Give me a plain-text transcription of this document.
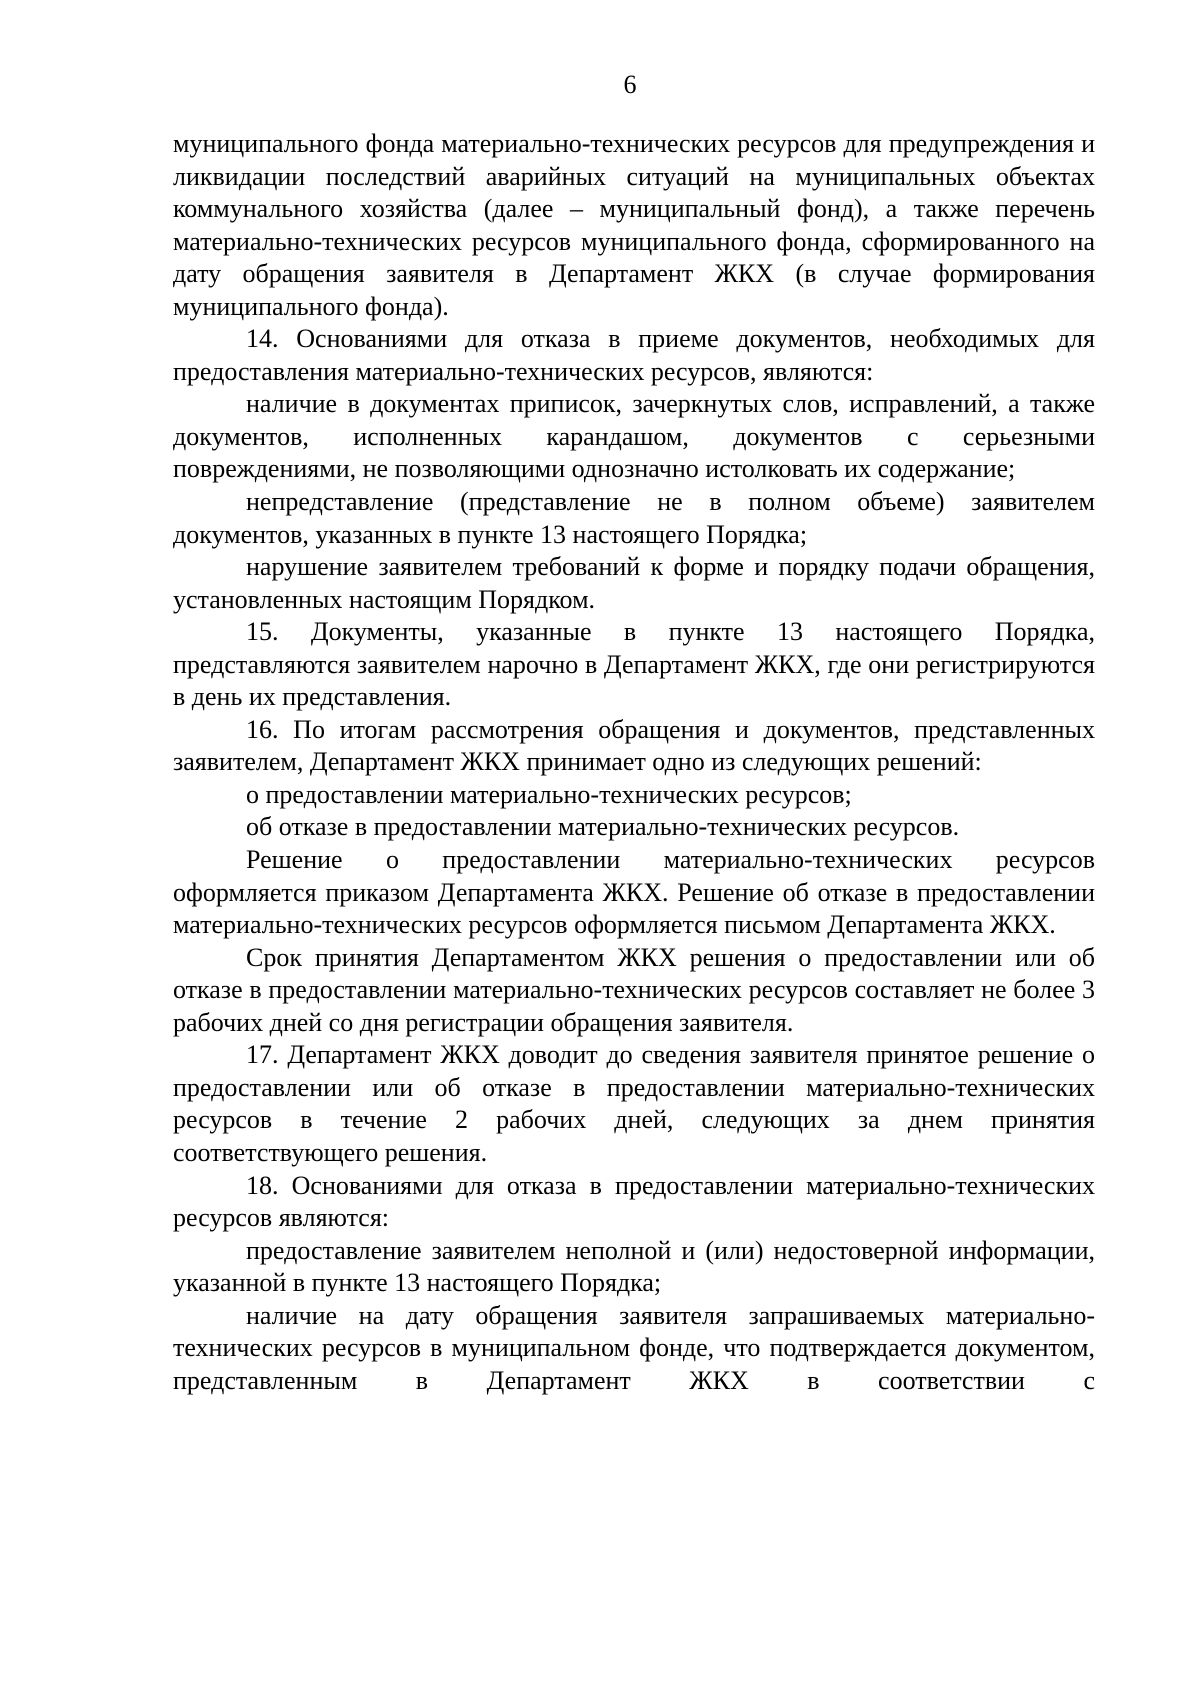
6

муниципального фонда материально-технических ресурсов для предупреждения и ликвидации последствий аварийных ситуаций на муниципальных объектах коммунального хозяйства (далее – муниципальный фонд), а также перечень материально-технических ресурсов муниципального фонда, сформированного на дату обращения заявителя в Департамент ЖКХ (в случае формирования муниципального фонда).

14. Основаниями для отказа в приеме документов, необходимых для предоставления материально-технических ресурсов, являются:

наличие в документах приписок, зачеркнутых слов, исправлений, а также документов, исполненных карандашом, документов с серьезными повреждениями, не позволяющими однозначно истолковать их содержание;

непредставление (представление не в полном объеме) заявителем документов, указанных в пункте 13 настоящего Порядка;

нарушение заявителем требований к форме и порядку подачи обращения, установленных настоящим Порядком.

15. Документы, указанные в пункте 13 настоящего Порядка, представляются заявителем нарочно в Департамент ЖКХ, где они регистрируются в день их представления.

16. По итогам рассмотрения обращения и документов, представленных заявителем, Департамент ЖКХ принимает одно из следующих решений:

о предоставлении материально-технических ресурсов;

об отказе в предоставлении материально-технических ресурсов.

Решение о предоставлении материально-технических ресурсов оформляется приказом Департамента ЖКХ. Решение об отказе в предоставлении материально-технических ресурсов оформляется письмом Департамента ЖКХ.

Срок принятия Департаментом ЖКХ решения о предоставлении или об отказе в предоставлении материально-технических ресурсов составляет не более 3 рабочих дней со дня регистрации обращения заявителя.

17. Департамент ЖКХ доводит до сведения заявителя принятое решение о предоставлении или об отказе в предоставлении материально-технических ресурсов в течение 2 рабочих дней, следующих за днем принятия соответствующего решения.

18. Основаниями для отказа в предоставлении материально-технических ресурсов являются:

предоставление заявителем неполной и (или) недостоверной информации, указанной в пункте 13 настоящего Порядка;

наличие на дату обращения заявителя запрашиваемых материально-технических ресурсов в муниципальном фонде, что подтверждается документом, представленным в Департамент ЖКХ в соответствии с
